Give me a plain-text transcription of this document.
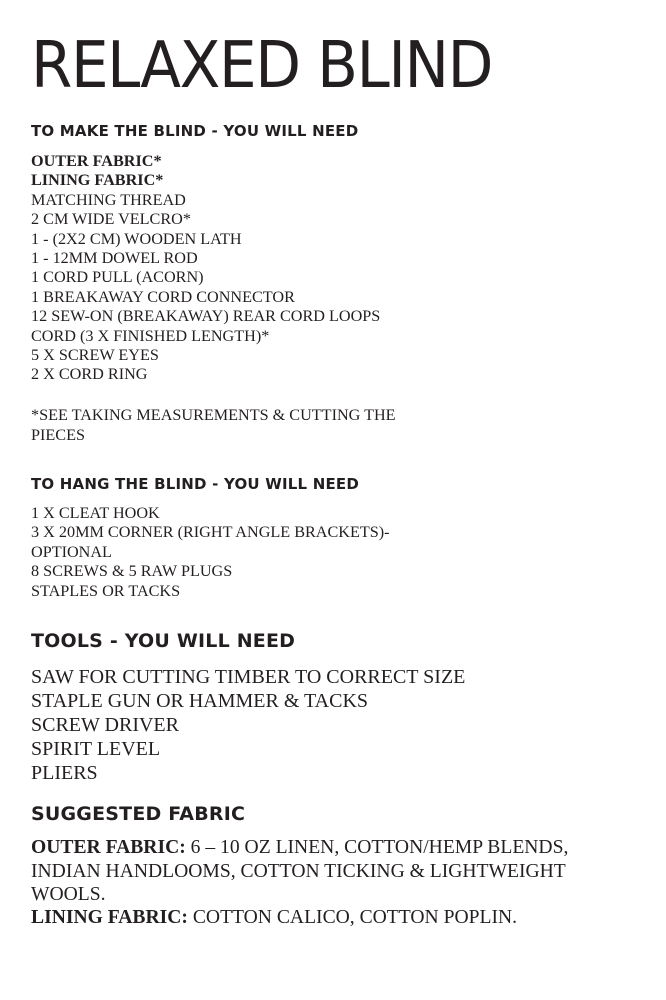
RELAXED BLIND
TO MAKE THE BLIND - YOU WILL NEED
OUTER FABRIC*
LINING FABRIC*
MATCHING THREAD
2 CM WIDE VELCRO*
1 - (2X2 CM) WOODEN LATH
1 - 12MM DOWEL ROD
1 CORD PULL (ACORN)
1 BREAKAWAY CORD CONNECTOR
12 SEW-ON (BREAKAWAY) REAR CORD LOOPS
CORD (3 X FINISHED LENGTH)*
5 X SCREW EYES
2 X CORD RING

*SEE TAKING MEASUREMENTS & CUTTING THE
PIECES

TO HANG THE BLIND - YOU WILL NEED
1 X CLEAT HOOK
3 X 20MM CORNER (RIGHT ANGLE BRACKETS)-
OPTIONAL
8 SCREWS & 5 RAW PLUGS
STAPLES OR TACKS
TOOLS - YOU WILL NEED
SAW FOR CUTTING TIMBER TO CORRECT SIZE
STAPLE GUN OR HAMMER & TACKS
SCREW DRIVER
SPIRIT LEVEL
PLIERS
SUGGESTED FABRIC

OUTER FABRIC: 6 – 10 OZ LINEN, COTTON/HEMP BLENDS, INDIAN HANDLOOMS, COTTON TICKING & LIGHTWEIGHT WOOLS.

LINING FABRIC: COTTON CALICO, COTTON POPLIN.
